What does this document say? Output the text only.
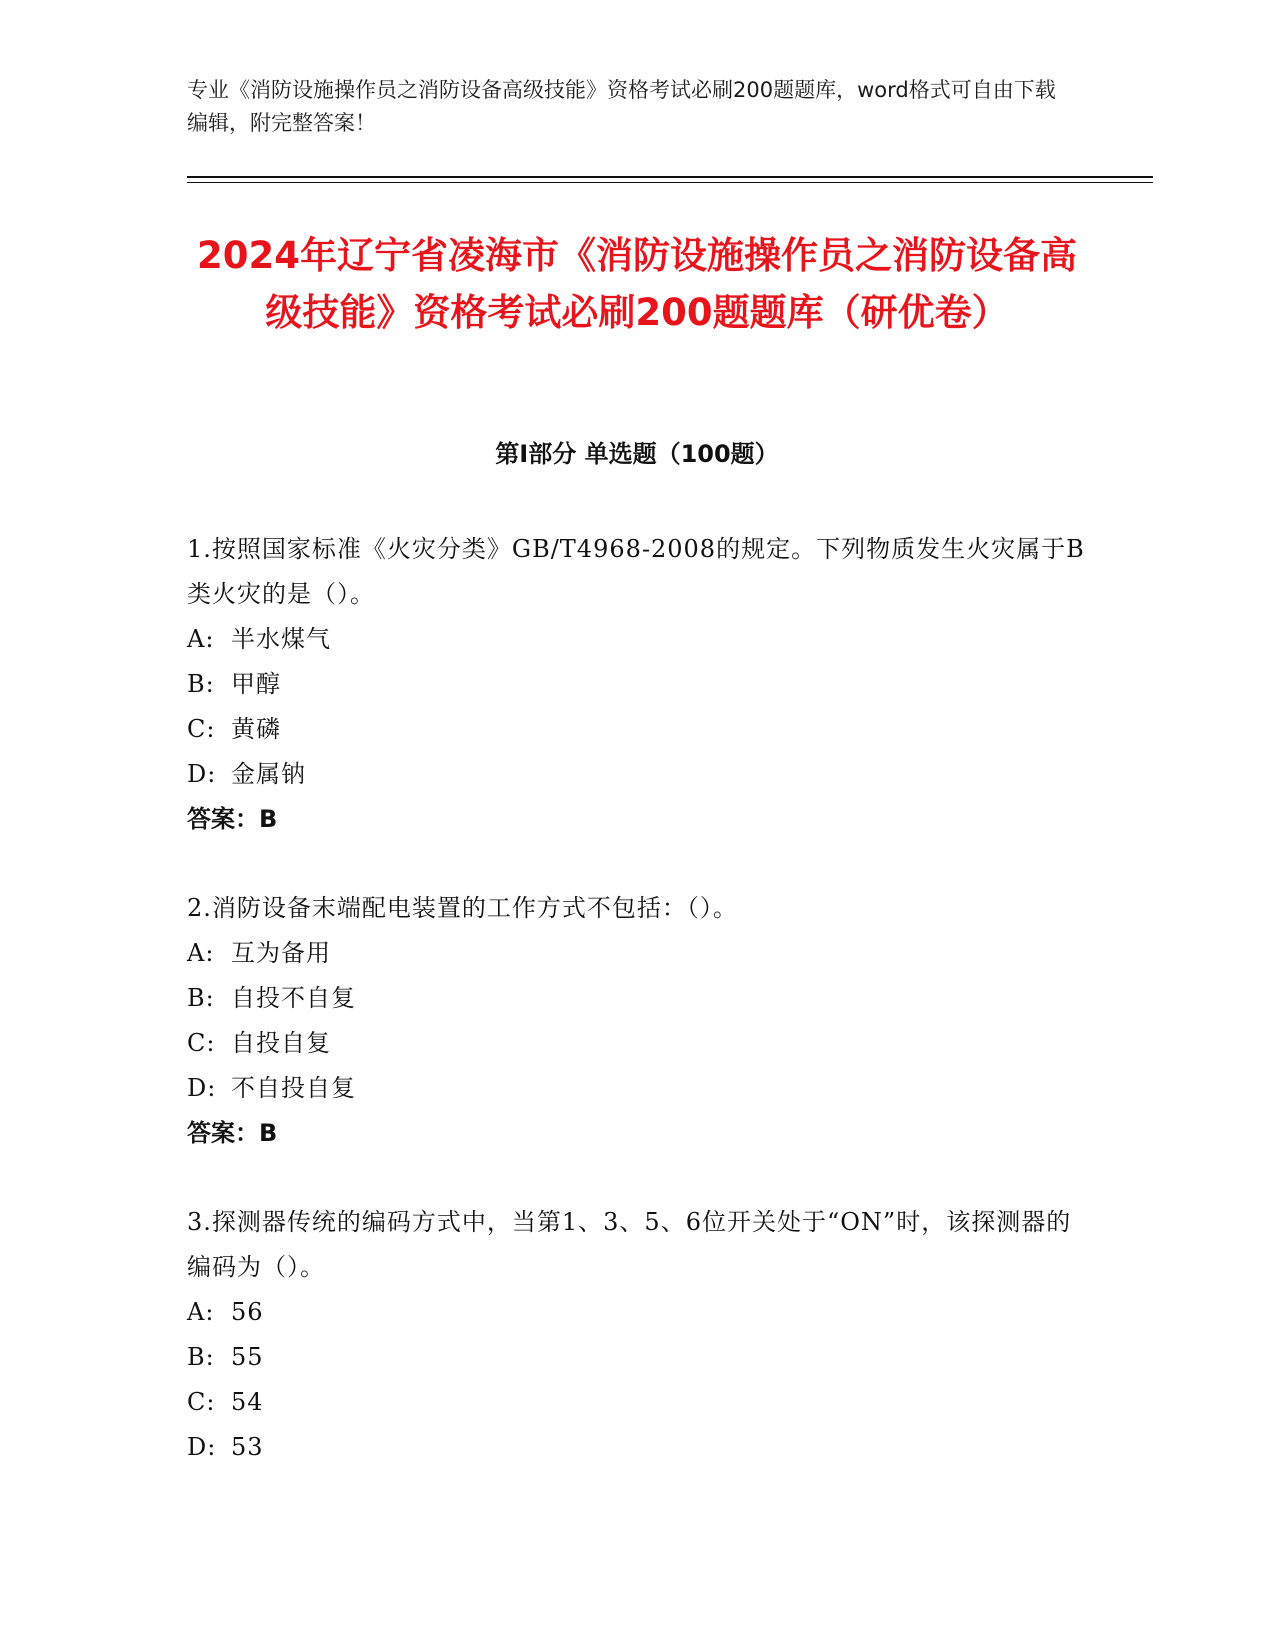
专业《消防设施操作员之消防设备高级技能》资格考试必刷200题题库，word格式可自由下载编辑，附完整答案！
2024年辽宁省凌海市《消防设施操作员之消防设备高级技能》资格考试必刷200题题库（研优卷）
第Ⅰ部分 单选题（100题）
1.按照国家标准《火灾分类》GB/T4968-2008的规定。下列物质发生火灾属于B类火灾的是（）。
A: 半水煤气
B: 甲醇
C: 黄磷
D: 金属钠
答案：B
2.消防设备末端配电装置的工作方式不包括：（）。
A: 互为备用
B: 自投不自复
C: 自投自复
D: 不自投自复
答案：B
3.探测器传统的编码方式中，当第1、3、5、6位开关处于“ON”时，该探测器的编码为（）。
A: 56
B: 55
C: 54
D: 53
